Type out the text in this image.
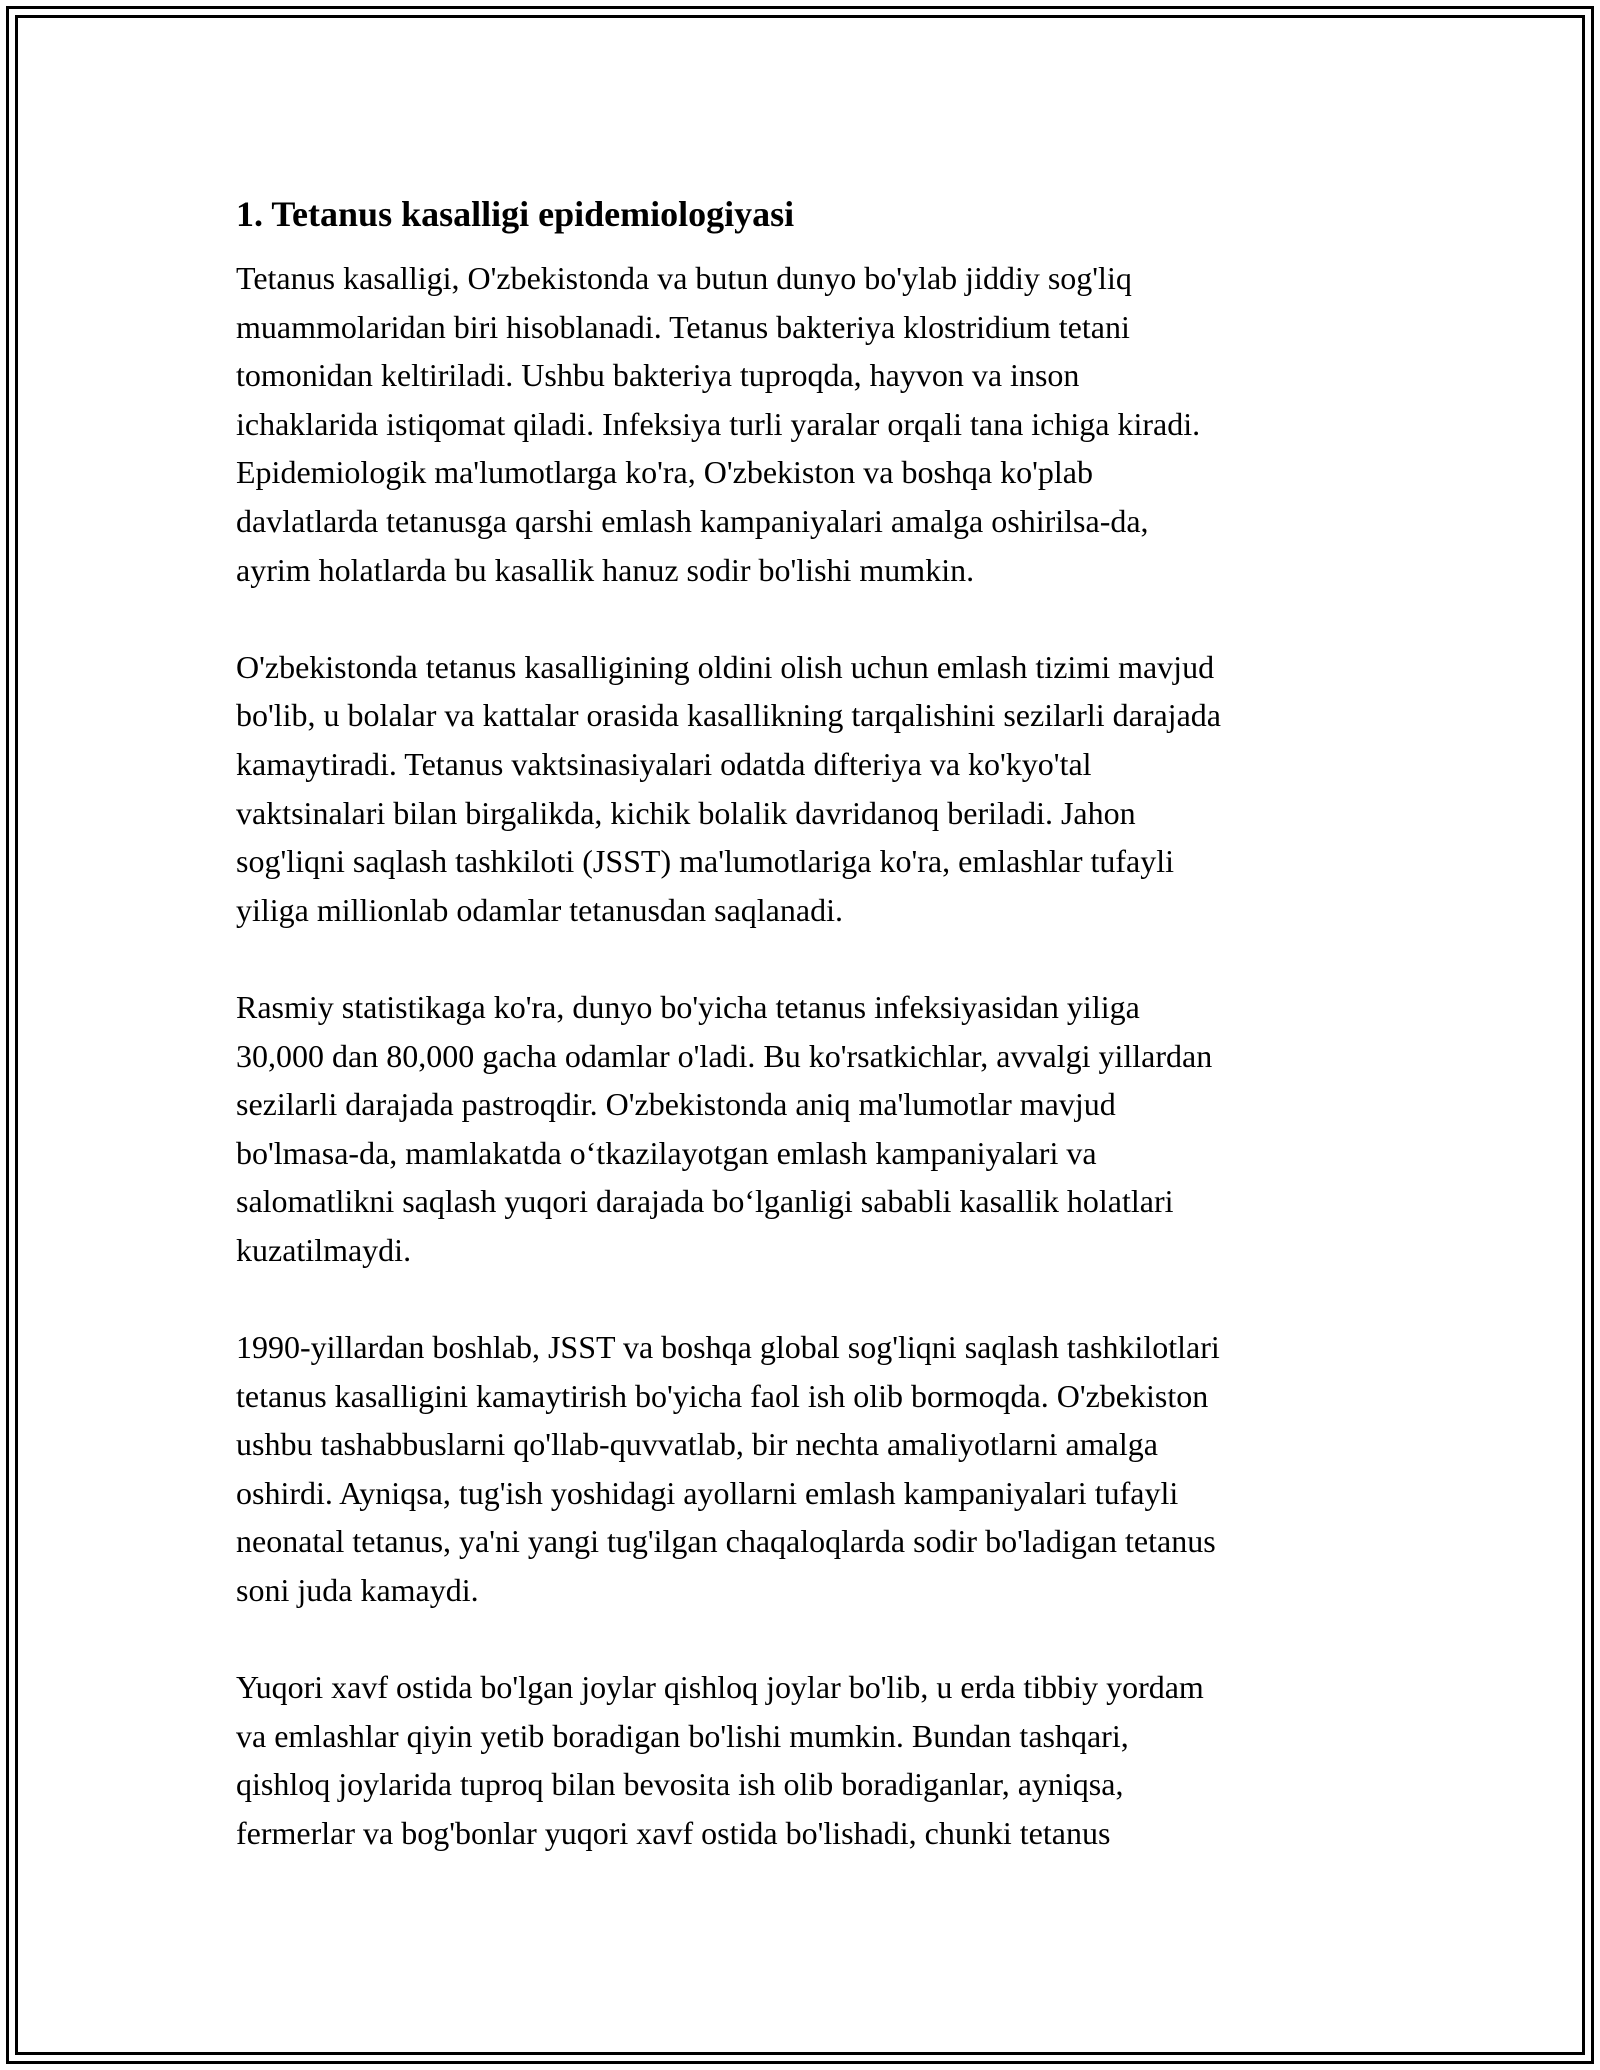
1. Tetanus kasalligi epidemiologiyasi

Tetanus kasalligi, O'zbekistonda va butun dunyo bo'ylab jiddiy sog'liq
muammolaridan biri hisoblanadi. Tetanus bakteriya klostridium tetani
tomonidan keltiriladi. Ushbu bakteriya tuproqda, hayvon va inson
ichaklarida istiqomat qiladi. Infeksiya turli yaralar orqali tana ichiga kiradi.
Epidemiologik ma'lumotlarga ko'ra, O'zbekiston va boshqa ko'plab
davlatlarda tetanusga qarshi emlash kampaniyalari amalga oshirilsa-da,
ayrim holatlarda bu kasallik hanuz sodir bo'lishi mumkin.

O'zbekistonda tetanus kasalligining oldini olish uchun emlash tizimi mavjud
bo'lib, u bolalar va kattalar orasida kasallikning tarqalishini sezilarli darajada
kamaytiradi. Tetanus vaktsinasiyalari odatda difteriya va ko'kyo'tal
vaktsinalari bilan birgalikda, kichik bolalik davridanoq beriladi. Jahon
sog'liqni saqlash tashkiloti (JSST) ma'lumotlariga ko'ra, emlashlar tufayli
yiliga millionlab odamlar tetanusdan saqlanadi.

Rasmiy statistikaga ko'ra, dunyo bo'yicha tetanus infeksiyasidan yiliga
30,000 dan 80,000 gacha odamlar o'ladi. Bu ko'rsatkichlar, avvalgi yillardan
sezilarli darajada pastroqdir. O'zbekistonda aniq ma'lumotlar mavjud
bo'lmasa-da, mamlakatda o‘tkazilayotgan emlash kampaniyalari va
salomatlikni saqlash yuqori darajada bo‘lganligi sababli kasallik holatlari
kuzatilmaydi.

1990-yillardan boshlab, JSST va boshqa global sog'liqni saqlash tashkilotlari
tetanus kasalligini kamaytirish bo'yicha faol ish olib bormoqda. O'zbekiston
ushbu tashabbuslarni qo'llab-quvvatlab, bir nechta amaliyotlarni amalga
oshirdi. Ayniqsa, tug'ish yoshidagi ayollarni emlash kampaniyalari tufayli
neonatal tetanus, ya'ni yangi tug'ilgan chaqaloqlarda sodir bo'ladigan tetanus
soni juda kamaydi.

Yuqori xavf ostida bo'lgan joylar qishloq joylar bo'lib, u erda tibbiy yordam
va emlashlar qiyin yetib boradigan bo'lishi mumkin. Bundan tashqari,
qishloq joylarida tuproq bilan bevosita ish olib boradiganlar, ayniqsa,
fermerlar va bog'bonlar yuqori xavf ostida bo'lishadi, chunki tetanus
